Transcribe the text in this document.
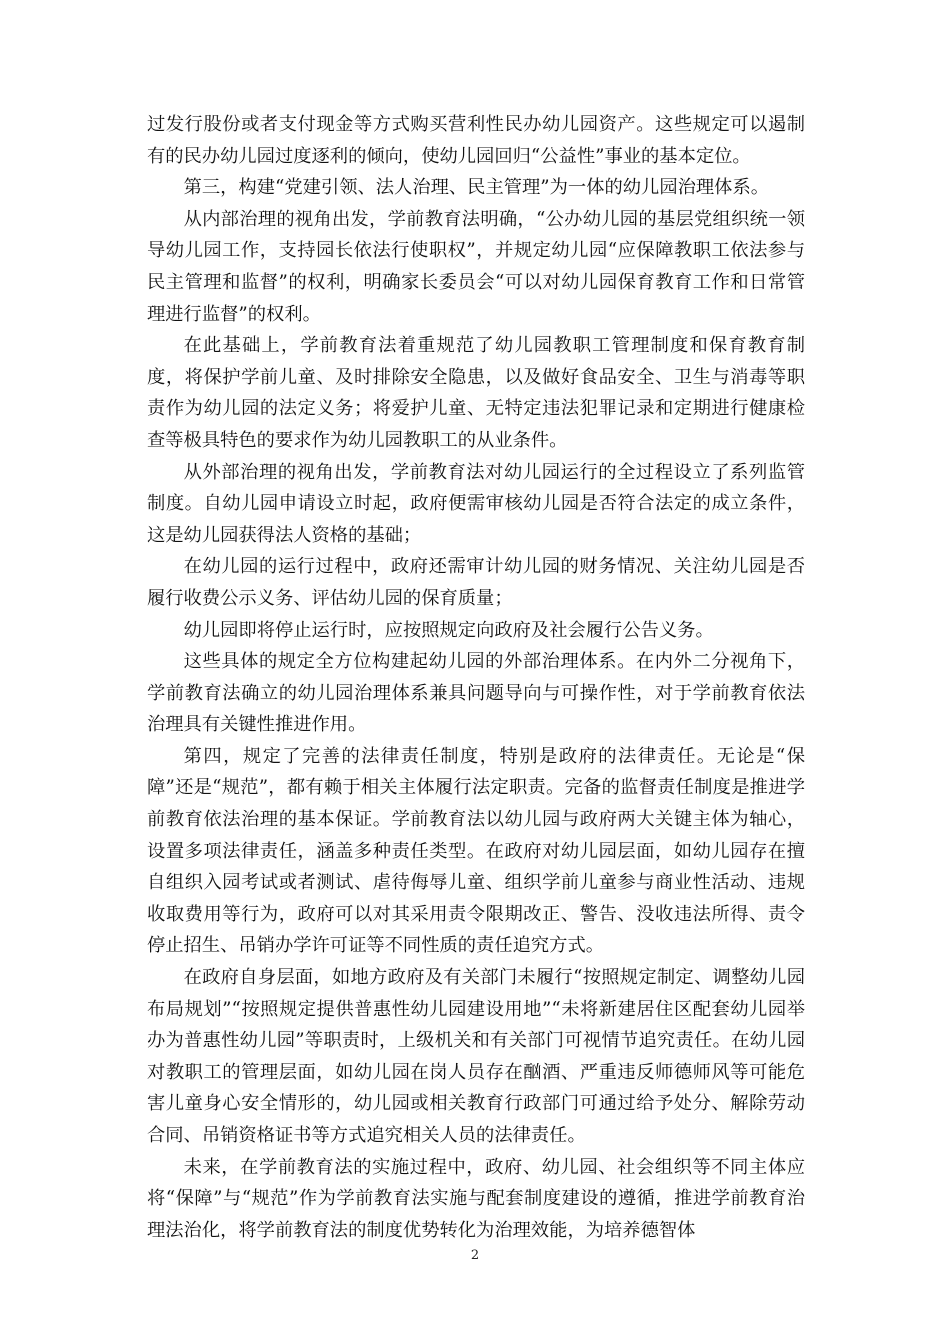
过发行股份或者支付现金等方式购买营利性民办幼儿园资产。这些规定可以遏制有的民办幼儿园过度逐利的倾向，使幼儿园回归“公益性”事业的基本定位。

第三，构建“党建引领、法人治理、民主管理”为一体的幼儿园治理体系。

从内部治理的视角出发，学前教育法明确，“公办幼儿园的基层党组织统一领导幼儿园工作，支持园长依法行使职权”，并规定幼儿园“应保障教职工依法参与民主管理和监督”的权利，明确家长委员会“可以对幼儿园保育教育工作和日常管理进行监督”的权利。

在此基础上，学前教育法着重规范了幼儿园教职工管理制度和保育教育制度，将保护学前儿童、及时排除安全隐患，以及做好食品安全、卫生与消毒等职责作为幼儿园的法定义务；将爱护儿童、无特定违法犯罪记录和定期进行健康检查等极具特色的要求作为幼儿园教职工的从业条件。

从外部治理的视角出发，学前教育法对幼儿园运行的全过程设立了系列监管制度。自幼儿园申请设立时起，政府便需审核幼儿园是否符合法定的成立条件，这是幼儿园获得法人资格的基础；

在幼儿园的运行过程中，政府还需审计幼儿园的财务情况、关注幼儿园是否履行收费公示义务、评估幼儿园的保育质量；

幼儿园即将停止运行时，应按照规定向政府及社会履行公告义务。

这些具体的规定全方位构建起幼儿园的外部治理体系。在内外二分视角下，学前教育法确立的幼儿园治理体系兼具问题导向与可操作性，对于学前教育依法治理具有关键性推进作用。

第四，规定了完善的法律责任制度，特别是政府的法律责任。无论是“保障”还是“规范”，都有赖于相关主体履行法定职责。完备的监督责任制度是推进学前教育依法治理的基本保证。学前教育法以幼儿园与政府两大关键主体为轴心，设置多项法律责任，涵盖多种责任类型。在政府对幼儿园层面，如幼儿园存在擅自组织入园考试或者测试、虐待侮辱儿童、组织学前儿童参与商业性活动、违规收取费用等行为，政府可以对其采用责令限期改正、警告、没收违法所得、责令停止招生、吊销办学许可证等不同性质的责任追究方式。

在政府自身层面，如地方政府及有关部门未履行“按照规定制定、调整幼儿园布局规划”“按照规定提供普惠性幼儿园建设用地”“未将新建居住区配套幼儿园举办为普惠性幼儿园”等职责时，上级机关和有关部门可视情节追究责任。在幼儿园对教职工的管理层面，如幼儿园在岗人员存在酗酒、严重违反师德师风等可能危害儿童身心安全情形的，幼儿园或相关教育行政部门可通过给予处分、解除劳动合同、吊销资格证书等方式追究相关人员的法律责任。

未来，在学前教育法的实施过程中，政府、幼儿园、社会组织等不同主体应将“保障”与“规范”作为学前教育法实施与配套制度建设的遵循，推进学前教育治理法治化，将学前教育法的制度优势转化为治理效能，为培养德智体

2
